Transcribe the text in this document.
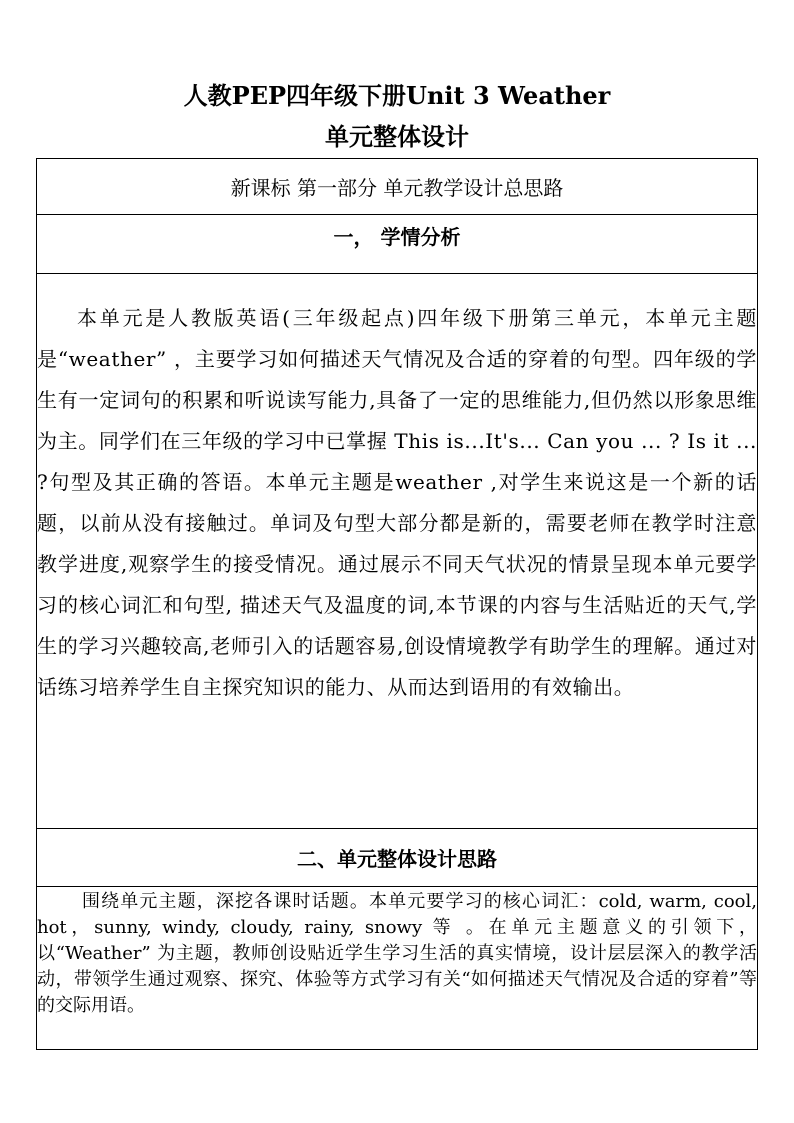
人教PEP四年级下册Unit 3 Weather
单元整体设计
新课标 第一部分 单元教学设计总思路
一， 学情分析

本单元是人教版英语(三年级起点)四年级下册第三单元，本单元主题是“weather” ，主要学习如何描述天气情况及合适的穿着的句型。四年级的学生有一定词句的积累和听说读写能力,具备了一定的思维能力,但仍然以形象思维为主。同学们在三年级的学习中已掌握 This is...It's... Can you ... ? Is it ... ?句型及其正确的答语。本单元主题是weather ,对学生来说这是一个新的话题，以前从没有接触过。单词及句型大部分都是新的，需要老师在教学时注意教学进度,观察学生的接受情况。通过展示不同天气状况的情景呈现本单元要学习的核心词汇和句型, 描述天气及温度的词,本节课的内容与生活贴近的天气,学生的学习兴趣较高,老师引入的话题容易,创设情境教学有助学生的理解。通过对话练习培养学生自主探究知识的能力、从而达到语用的有效输出。

二、单元整体设计思路

围绕单元主题，深挖各课时话题。本单元要学习的核心词汇：cold, warm, cool, hot，sunny, windy, cloudy, rainy, snowy 等 。在单元主题意义的引领下，以“Weather” 为主题，教师创设贴近学生学习生活的真实情境，设计层层深入的教学活动，带领学生通过观察、探究、体验等方式学习有关“如何描述天气情况及合适的穿着”等的交际用语。
